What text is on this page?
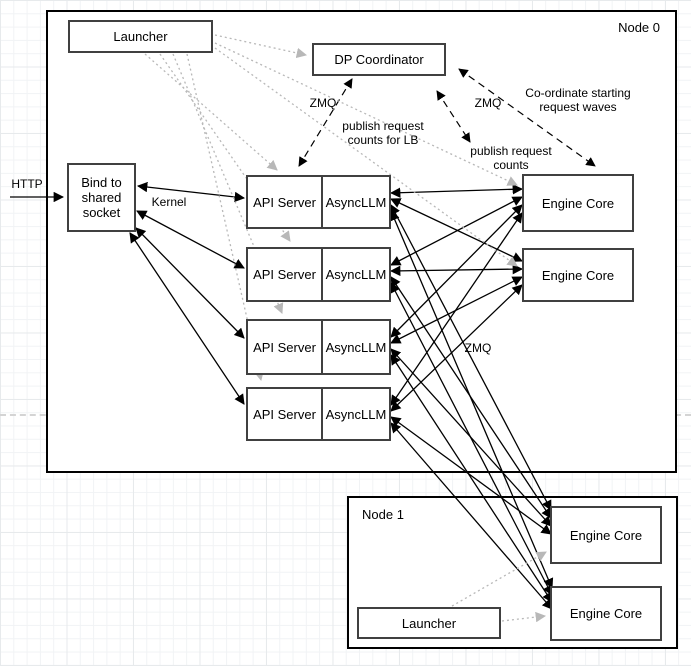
Node 0
Node 1
Launcher
DP Coordinator
Bind to shared socket
API Server AsyncLLM
API Server AsyncLLM
API Server AsyncLLM
API Server AsyncLLM
Engine Core
Engine Core
Engine Core
Engine Core
Launcher
HTTP
Kernel
ZMQ	ZMQ
ZMQ
publish request counts for LB
publish request counts
Co-ordinate starting request waves
